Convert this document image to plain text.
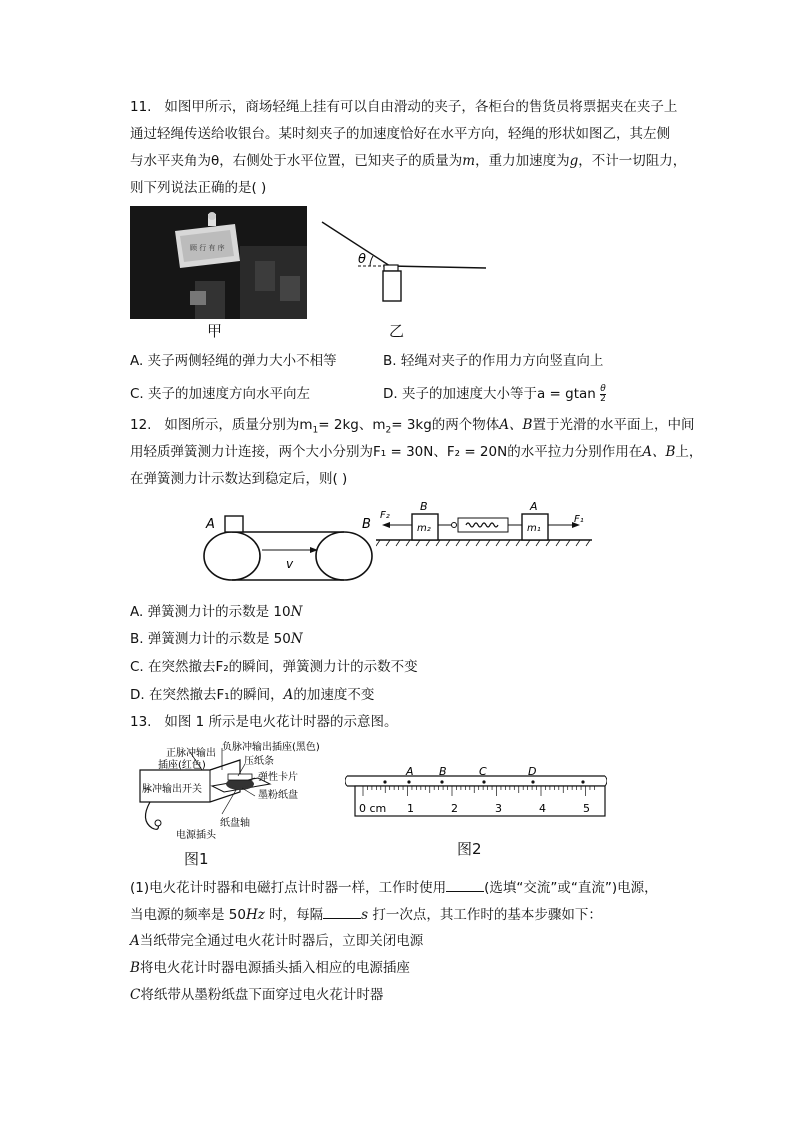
11. 如图甲所示，商场轻绳上挂有可以自由滑动的夹子，各柜台的售货员将票据夹在夹子上
通过轻绳传送给收银台。某时刻夹子的加速度恰好在水平方向，轻绳的形状如图乙，其左侧
与水平夹角为θ，右侧处于水平位置，已知夹子的质量为m，重力加速度为g，不计一切阻力，
则下列说法正确的是( )
顾 行 有 序
甲
θ
乙
A. 夹子两侧轻绳的弹力大小不相等	B. 轻绳对夹子的作用力方向竖直向上
C. 夹子的加速度方向水平向左	D. 夹子的加速度大小等于a = gtan $\frac{\theta}{2}$
12. 如图所示，质量分别为$m_1= 2kg$、$m_2= 3kg$的两个物体A、B置于光滑的水平面上，中间
用轻质弹簧测力计连接，两个大小分别为F₁ = 30N、F₂ = 20N的水平拉力分别作用在A、B上，
在弹簧测力计示数达到稳定后，则( )
A	B
v
F₂	F₁
B	A
m₂	m₁
A. 弹簧测力计的示数是 10N
B. 弹簧测力计的示数是 50N
C. 在突然撤去F₂的瞬间，弹簧测力计的示数不变
D. 在突然撤去F₁的瞬间，A的加速度不变
13. 如图 1 所示是电火花计时器的示意图。
正脉冲输出
插座(红色)
负脉冲输出插座(黑色)
压纸条
弹性卡片
脉冲输出开关
墨粉纸盘
纸盘轴
电源插头
图1
A B	C	D
0 cm 1	2	3	4	5
图2
(1)电火花计时器和电磁打点计时器一样，工作时使用	(选填“交流”或“直流”)电源，
当电源的频率是 50Hz 时，每隔	s 打一次点，其工作时的基本步骤如下：
A当纸带完全通过电火花计时器后，立即关闭电源
B将电火花计时器电源插头插入相应的电源插座
C将纸带从墨粉纸盘下面穿过电火花计时器
